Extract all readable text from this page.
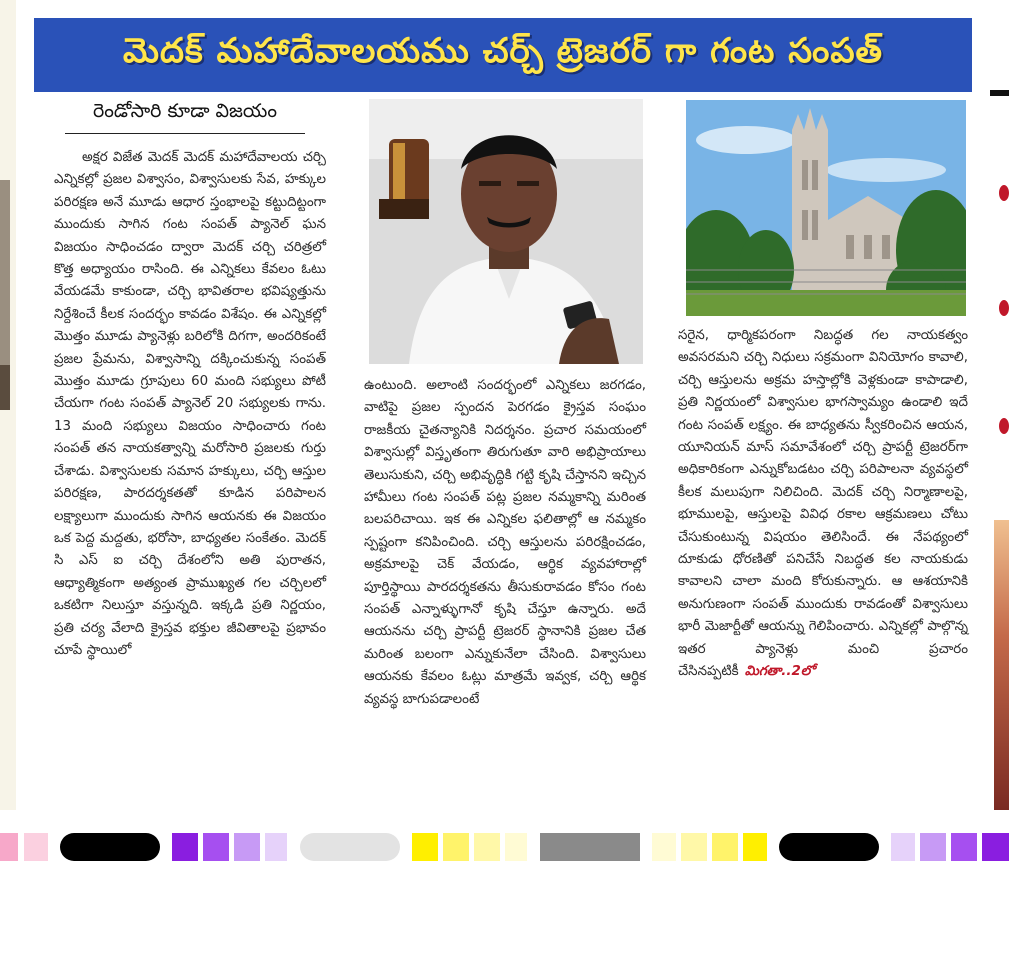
మెదక్ మహాదేవాలయము చర్చ్ ట్రెజరర్ గా గంట సంపత్
రెండోసారి కూడా విజయం
అక్షర విజేత మెదక్ మెదక్ మహాదేవాలయ చర్చి ఎన్నికల్లో ప్రజల విశ్వాసం, విశ్వాసులకు సేవ, హక్కుల పరిరక్షణ అనే మూడు ఆధార స్తంభాలపై కట్టుదిట్టంగా ముందుకు సాగిన గంట సంపత్ ప్యానెల్ ఘన విజయం సాధించడం ద్వారా మెదక్ చర్చి చరిత్రలో కొత్త అధ్యాయం రాసింది. ఈ ఎన్నికలు కేవలం ఓటు వేయడమే కాకుండా, చర్చి భావితరాల భవిష్యత్తును నిర్దేశించే కీలక సందర్భం కావడం విశేషం. ఈ ఎన్నికల్లో మొత్తం మూడు ప్యానెళ్లు బరిలోకి దిగగా, అందరికంటే ప్రజల ప్రేమను, విశ్వాసాన్ని దక్కించుకున్న సంపత్ మొత్తం మూడు గ్రూపులు 60 మంది సభ్యులు పోటీ చేయగా గంట సంపత్ ప్యానెల్ 20 సభ్యులకు గాను. 13 మంది సభ్యులు విజయం సాధించారు గంట సంపత్ తన నాయకత్వాన్ని మరోసారి ప్రజలకు గుర్తు చేశాడు. విశ్వాసులకు సమాన హక్కులు, చర్చి ఆస్తుల పరిరక్షణ, పారదర్శకతతో కూడిన పరిపాలన లక్ష్యాలుగా ముందుకు సాగిన ఆయనకు ఈ విజయం ఒక పెద్ద మద్దతు, భరోసా, బాధ్యతల సంకేతం. మెదక్ సి ఎస్ ఐ చర్చి దేశంలోని అతి పురాతన, ఆధ్యాత్మికంగా అత్యంత ప్రాముఖ్యత గల చర్చిలలో ఒకటిగా నిలుస్తూ వస్తున్నది. ఇక్కడి ప్రతి నిర్ణయం, ప్రతి చర్య వేలాది క్రైస్తవ భక్తుల జీవితాలపై ప్రభావం చూపే స్థాయిలో
ఉంటుంది. అలాంటి సందర్భంలో ఎన్నికలు జరగడం, వాటిపై ప్రజల స్పందన పెరగడం క్రైస్తవ సంఘం రాజకీయ చైతన్యానికి నిదర్శనం. ప్రచార సమయంలో విశ్వాసుల్లో విస్తృతంగా తిరుగుతూ వారి అభిప్రాయాలు తెలుసుకుని, చర్చి అభివృద్ధికి గట్టి కృషి చేస్తానని ఇచ్చిన హామీలు గంట సంపత్ పట్ల ప్రజల నమ్మకాన్ని మరింత బలపరిచాయి. ఇక ఈ ఎన్నికల ఫలితాల్లో ఆ నమ్మకం స్పష్టంగా కనిపించింది. చర్చి ఆస్తులను పరిరక్షించడం, అక్రమాలపై చెక్ వేయడం, ఆర్థిక వ్యవహారాల్లో పూర్తిస్థాయి పారదర్శకతను తీసుకురావడం కోసం గంట సంపత్ ఎన్నాళ్ళుగానో కృషి చేస్తూ ఉన్నారు. అదే ఆయనను చర్చి ప్రాపర్టీ ట్రెజరర్ స్థానానికి ప్రజల చేత మరింత బలంగా ఎన్నుకునేలా చేసింది. విశ్వాసులు ఆయనకు కేవలం ఓట్లు మాత్రమే ఇవ్వక, చర్చి ఆర్థిక వ్యవస్థ బాగుపడాలంటే
సరైన, ధార్మికపరంగా నిబద్ధత గల నాయకత్వం అవసరమని చర్చి నిధులు సక్రమంగా వినియోగం కావాలి, చర్చి ఆస్తులను అక్రమ హస్తాల్లోకి వెళ్లకుండా కాపాడాలి, ప్రతి నిర్ణయంలో విశ్వాసుల భాగస్వామ్యం ఉండాలి ఇదే గంట సంపత్ లక్ష్యం. ఈ బాధ్యతను స్వీకరించిన ఆయన, యూనియన్ మాస్ సమావేశంలో చర్చి ప్రాపర్టీ ట్రెజరర్‌గా అధికారికంగా ఎన్నుకోబడటం చర్చి పరిపాలనా వ్యవస్థలో కీలక మలుపుగా నిలిచింది. మెదక్ చర్చి నిర్మాణాలపై, భూములపై, ఆస్తులపై వివిధ రకాల ఆక్రమణలు చోటు చేసుకుంటున్న విషయం తెలిసిందే. ఈ నేపథ్యంలో దూకుడు ధోరణితో పనిచేసే నిబద్ధత కల నాయకుడు కావాలని చాలా మంది కోరుకున్నారు. ఆ ఆశయానికి అనుగుణంగా సంపత్ ముందుకు రావడంతో విశ్వాసులు భారీ మెజార్టీతో ఆయన్ను గెలిపించారు. ఎన్నికల్లో పాల్గొన్న ఇతర ప్యానెళ్లు మంచి ప్రచారం చేసినప్పటికీ మిగతా..2లో
